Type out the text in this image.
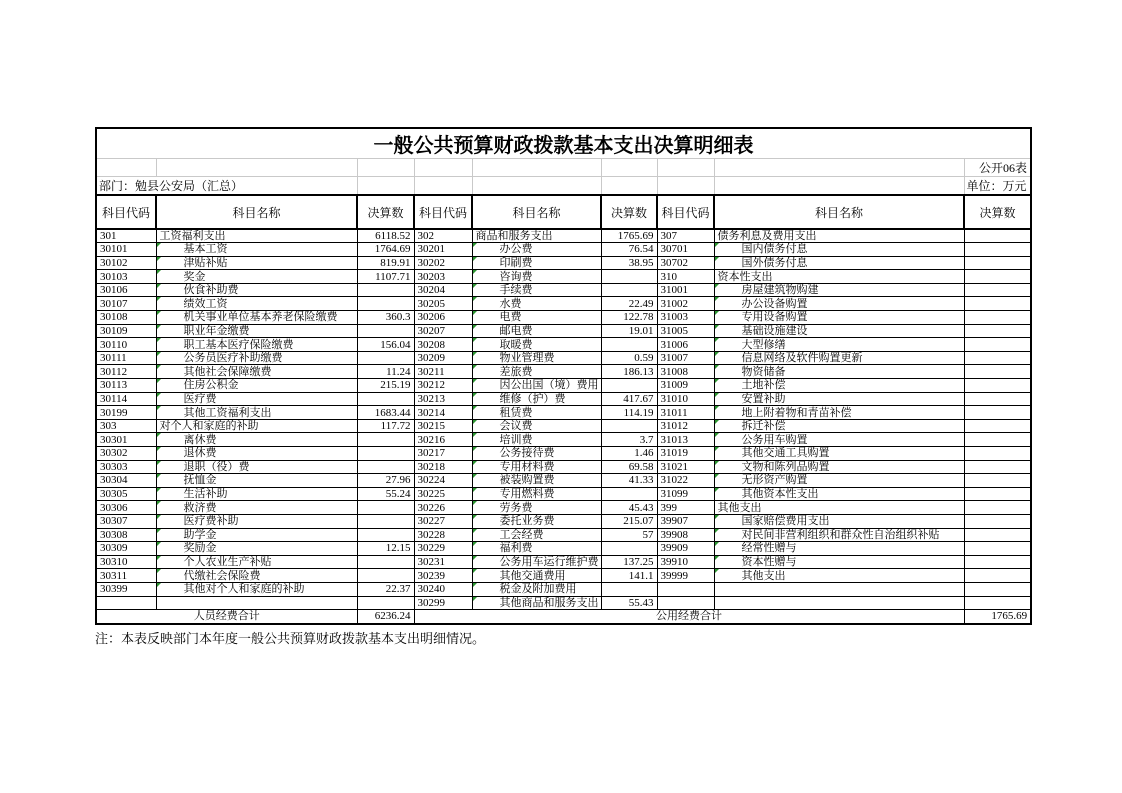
一般公共预算财政拨款基本支出决算明细表								
								公开06表
部门：勉县公安局（汇总）								单位：万元
科目代码	科目名称	决算数	科目代码	科目名称	决算数	科目代码	科目名称	决算数
301	工资福利支出	6118.52	302	商品和服务支出	1765.69	307	债务利息及费用支出	
30101	基本工资	1764.69	30201	办公费	76.54	30701	国内债务付息	
30102	津贴补贴	819.91	30202	印刷费	38.95	30702	国外债务付息	
30103	奖金	1107.71	30203	咨询费		310	资本性支出	
30106	伙食补助费		30204	手续费		31001	房屋建筑物购建	
30107	绩效工资		30205	水费	22.49	31002	办公设备购置	
30108	机关事业单位基本养老保险缴费	360.3	30206	电费	122.78	31003	专用设备购置	
30109	职业年金缴费		30207	邮电费	19.01	31005	基础设施建设	
30110	职工基本医疗保险缴费	156.04	30208	取暖费		31006	大型修缮	
30111	公务员医疗补助缴费		30209	物业管理费	0.59	31007	信息网络及软件购置更新	
30112	其他社会保障缴费	11.24	30211	差旅费	186.13	31008	物资储备	
30113	住房公积金	215.19	30212	因公出国（境）费用		31009	土地补偿	
30114	医疗费		30213	维修（护）费	417.67	31010	安置补助	
30199	其他工资福利支出	1683.44	30214	租赁费	114.19	31011	地上附着物和青苗补偿	
303	对个人和家庭的补助	117.72	30215	会议费		31012	拆迁补偿	
30301	离休费		30216	培训费	3.7	31013	公务用车购置	
30302	退休费		30217	公务接待费	1.46	31019	其他交通工具购置	
30303	退职（役）费		30218	专用材料费	69.58	31021	文物和陈列品购置	
30304	抚恤金	27.96	30224	被装购置费	41.33	31022	无形资产购置	
30305	生活补助	55.24	30225	专用燃料费		31099	其他资本性支出	
30306	救济费		30226	劳务费	45.43	399	其他支出	
30307	医疗费补助		30227	委托业务费	215.07	39907	国家赔偿费用支出	
30308	助学金		30228	工会经费	57	39908	对民间非营利组织和群众性自治组织补贴	
30309	奖励金	12.15	30229	福利费		39909	经常性赠与	
30310	个人农业生产补贴		30231	公务用车运行维护费	137.25	39910	资本性赠与	
30311	代缴社会保险费		30239	其他交通费用	141.1	39999	其他支出	
30399	其他对个人和家庭的补助	22.37	30240	税金及附加费用				
			30299	其他商品和服务支出	55.43			
人员经费合计		6236.24	公用经费合计					1765.69
注：本表反映部门本年度一般公共预算财政拨款基本支出明细情况。
